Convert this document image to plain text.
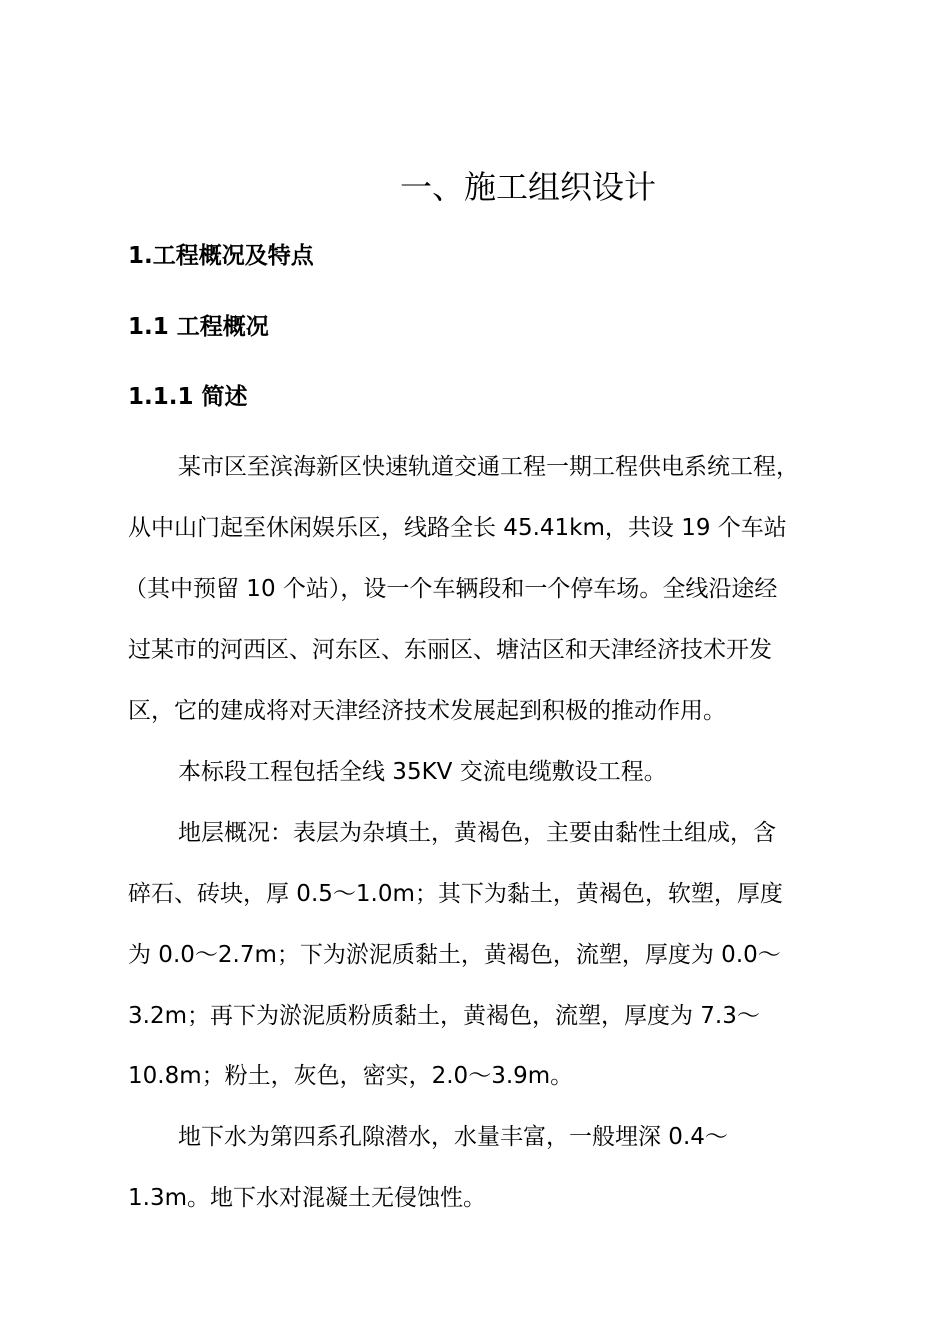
一、施工组织设计
1.工程概况及特点
1.1 工程概况
1.1.1 简述

某市区至滨海新区快速轨道交通工程一期工程供电系统工程，

从中山门起至休闲娱乐区，线路全长 45.41km，共设 19 个车站

（其中预留 10 个站），设一个车辆段和一个停车场。全线沿途经

过某市的河西区、河东区、东丽区、塘沽区和天津经济技术开发

区，它的建成将对天津经济技术发展起到积极的推动作用。

本标段工程包括全线 35KV 交流电缆敷设工程。

地层概况：表层为杂填土，黄褐色，主要由黏性土组成，含

碎石、砖块，厚 0.5～1.0m；其下为黏土，黄褐色，软塑，厚度

为 0.0～2.7m；下为淤泥质黏土，黄褐色，流塑，厚度为 0.0～

3.2m；再下为淤泥质粉质黏土，黄褐色，流塑，厚度为 7.3～

10.8m；粉土，灰色，密实，2.0～3.9m。

地下水为第四系孔隙潜水，水量丰富，一般埋深 0.4～

1.3m。地下水对混凝土无侵蚀性。
